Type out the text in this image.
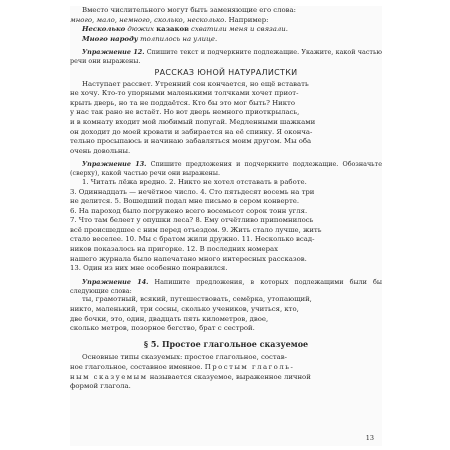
Вместо числительного могут быть заменяющие его слова:

много, мало, немного, сколько, несколько. Например:

Несколько дюжих казаков схватили меня и связали.

Много народу толпилось на улице.

Упражнение 12. Спишите текст и подчеркните подлежащие. Укажите, какой частью речи они выражены.

РАССКАЗ ЮНОЙ НАТУРАЛИСТКИ
Наступает рассвет. Утренний сон кончается, но ещё вставать
не хочу. Кто-то упорными маленькими толчками хочет приот-
крыть дверь, но та не поддаётся. Кто бы это мог быть? Никто
у нас так рано не встаёт. Но вот дверь немного приоткрылась,
и в комнату входит мой любимый попугай. Медленными шажками
он доходит до моей кровати и забирается на её спинку. Я оконча-
тельно просыпаюсь и начинаю забавляться моим другом. Мы оба
очень довольны.

Упражнение 13. Спишите предложения и подчеркните подлежащие. Обозначьте (сверху), какой частью речи они выражены.

1. Читать лёжа вредно. 2. Никто не хотел отставать в работе.
3. Одиннадцать — нечётное число. 4. Сто пятьдесят восемь на три
не делится. 5. Вошедший подал мне письмо в сером конверте.
6. На пароход было погружено всего восемьсот сорок тонн угля.
7. Что там белеет у опушки леса? 8. Ему отчётливо припомнилось
всё происшедшее с ним перед отъездом. 9. Жить стало лучше, жить
стало веселее. 10. Мы с братом жили дружно. 11. Несколько всад-
ников показалось на пригорке. 12. В последних номерах
нашего журнала было напечатано много интересных рассказов.
13. Один из них мне особенно понравился.

Упражнение 14. Напишите предложения, в которых подлежащими были бы следующие слова:

ты, грамотный, всякий, путешествовать, семёрка, утопающий,
никто, маленький, три сосны, сколько учеников, учиться, кто,
две бочки, это, один, двадцать пять километров, двое,
сколько метров, позорное бегство, брат с сестрой.
§ 5. Простое глагольное сказуемое
Основные типы сказуемых: простое глагольное, состав-
ное глагольное, составное именное. Простым глаголь-
ным сказуемым называется сказуемое, выраженное личной
формой глагола.
13
